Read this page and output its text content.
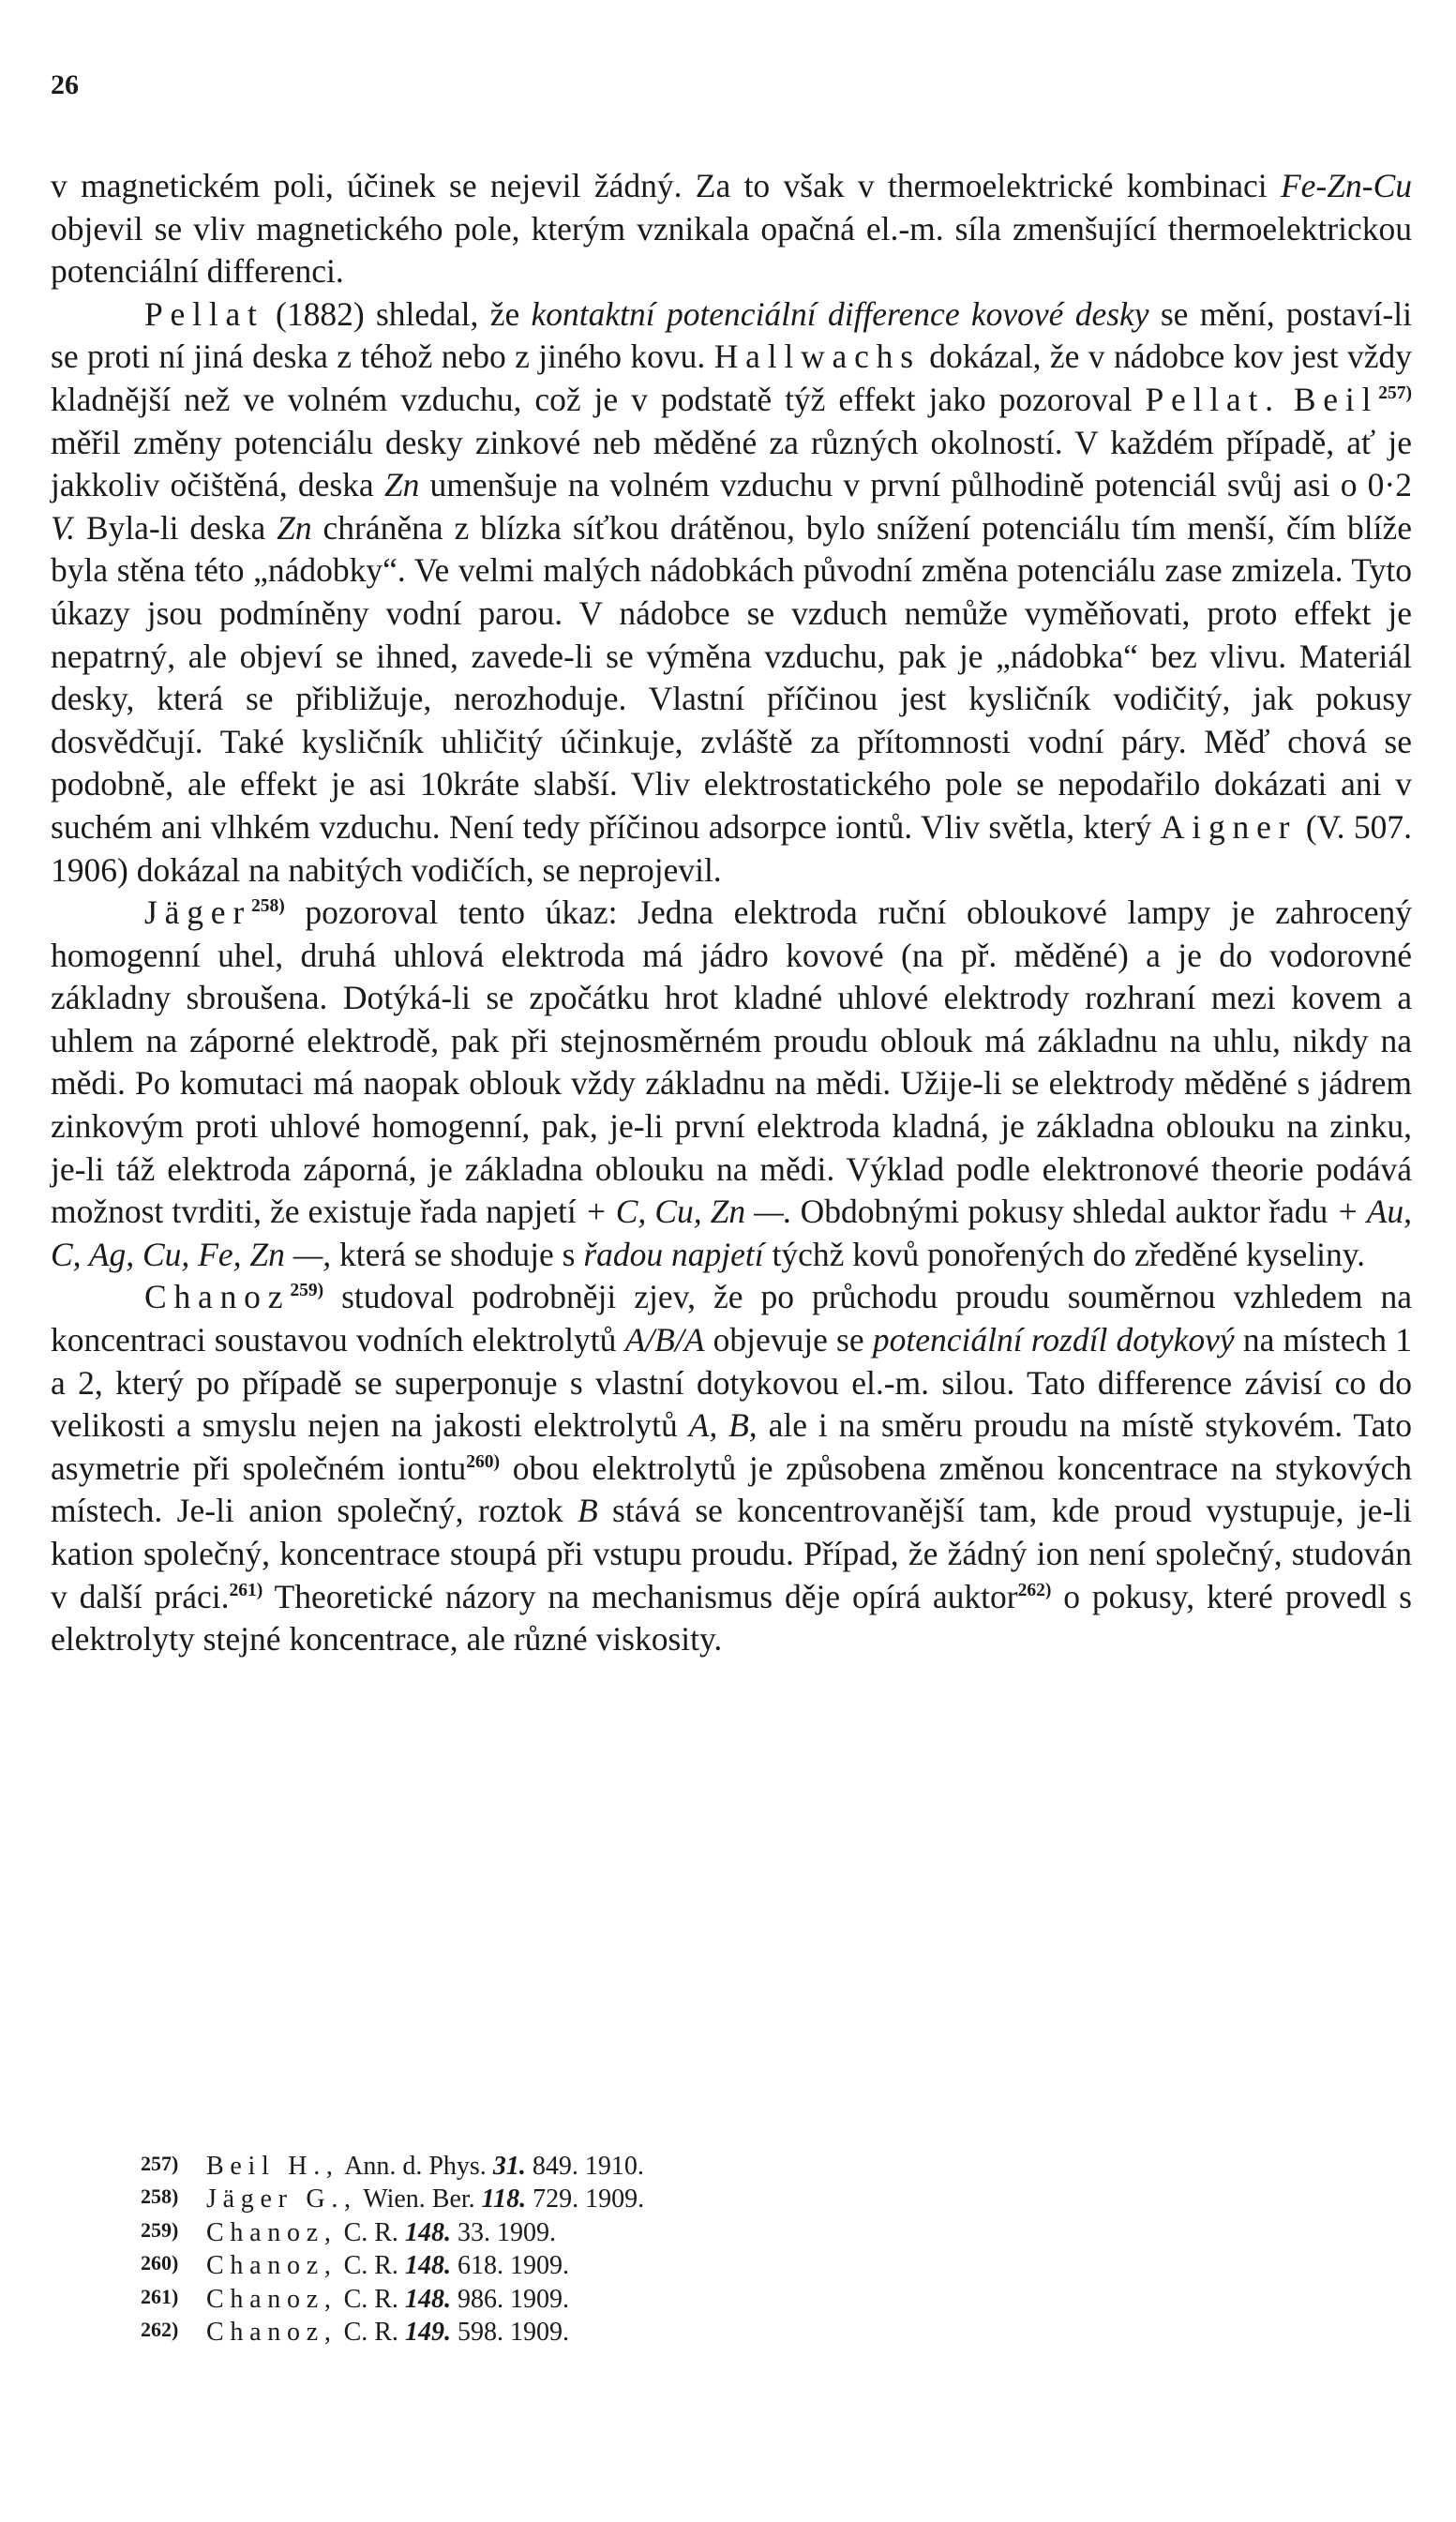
26

v magnetickém poli, účinek se nejevil žádný. Za to však v thermoelektrické kombinaci Fe-Zn-Cu objevil se vliv magnetického pole, kterým vznikala opačná el.-m. síla zmenšující thermoelektrickou potenciální differenci.

Pellat (1882) shledal, že kontaktní potenciální difference kovové desky se mění, postaví-li se proti ní jiná deska z téhož nebo z jiného kovu. Hallwachs dokázal, že v nádobce kov jest vždy kladnější než ve volném vzduchu, což je v podstatě týž effekt jako pozoroval Pellat. Beil$^{257)}$ měřil změny potenciálu desky zinkové neb měděné za různých okolností. V každém případě, ať je jakkoliv očištěná, deska Zn umenšuje na volném vzduchu v první půlhodině potenciál svůj asi o 0·2 V. Byla-li deska Zn chráněna z blízka síťkou drátěnou, bylo snížení potenciálu tím menší, čím blíže byla stěna této „nádobky“. Ve velmi malých nádobkách původní změna potenciálu zase zmizela. Tyto úkazy jsou podmíněny vodní parou. V nádobce se vzduch nemůže vyměňovati, proto effekt je nepatrný, ale objeví se ihned, zavede-li se výměna vzduchu, pak je „nádobka“ bez vlivu. Materiál desky, která se přibližuje, nerozhoduje. Vlastní příčinou jest kysličník vodičitý, jak pokusy dosvědčují. Také kysličník uhličitý účinkuje, zvláště za přítomnosti vodní páry. Měď chová se podobně, ale effekt je asi 10kráte slabší. Vliv elektrostatického pole se nepodařilo dokázati ani v suchém ani vlhkém vzduchu. Není tedy příčinou adsorpce iontů. Vliv světla, který Aigner (V. 507. 1906) dokázal na nabitých vodičích, se neprojevil.

Jäger$^{258)}$ pozoroval tento úkaz: Jedna elektroda ruční obloukové lampy je zahrocený homogenní uhel, druhá uhlová elektroda má jádro kovové (na př. měděné) a je do vodorovné základny sbroušena. Dotýká-li se zpočátku hrot kladné uhlové elektrody rozhraní mezi kovem a uhlem na záporné elektrodě, pak při stejnosměrném proudu oblouk má základnu na uhlu, nikdy na mědi. Po komutaci má naopak oblouk vždy základnu na mědi. Užije-li se elektrody měděné s jádrem zinkovým proti uhlové homogenní, pak, je-li první elektroda kladná, je základna oblouku na zinku, je-li táž elektroda záporná, je základna oblouku na mědi. Výklad podle elektronové theorie podává možnost tvrditi, že existuje řada napjetí + C, Cu, Zn —. Obdobnými pokusy shledal auktor řadu + Au, C, Ag, Cu, Fe, Zn —, která se shoduje s řadou napjetí týchž kovů ponořených do zředěné kyseliny.

Chanoz$^{259)}$ studoval podrobněji zjev, že po průchodu proudu souměrnou vzhledem na koncentraci soustavou vodních elektrolytů A/B/A objevuje se potenciální rozdíl dotykový na místech 1 a 2, který po případě se superponuje s vlastní dotykovou el.-m. silou. Tato difference závisí co do velikosti a smyslu nejen na jakosti elektrolytů A, B, ale i na směru proudu na místě stykovém. Tato asymetrie při společném iontu$^{260)}$ obou elektrolytů je způsobena změnou koncentrace na stykových místech. Je-li anion společný, roztok B stává se koncentrovanější tam, kde proud vystupuje, je-li kation společný, koncentrace stoupá při vstupu proudu. Případ, že žádný ion není společný, studován v další práci.$^{261)}$ Theoretické názory na mechanismus děje opírá auktor$^{262)}$ o pokusy, které provedl s elektrolyty stejné koncentrace, ale různé viskosity.

257) Beil H., Ann. d. Phys. 31. 849. 1910.
258) Jäger G., Wien. Ber. 118. 729. 1909.
259) Chanoz, C. R. 148. 33. 1909.
260) Chanoz, C. R. 148. 618. 1909.
261) Chanoz, C. R. 148. 986. 1909.
262) Chanoz, C. R. 149. 598. 1909.
